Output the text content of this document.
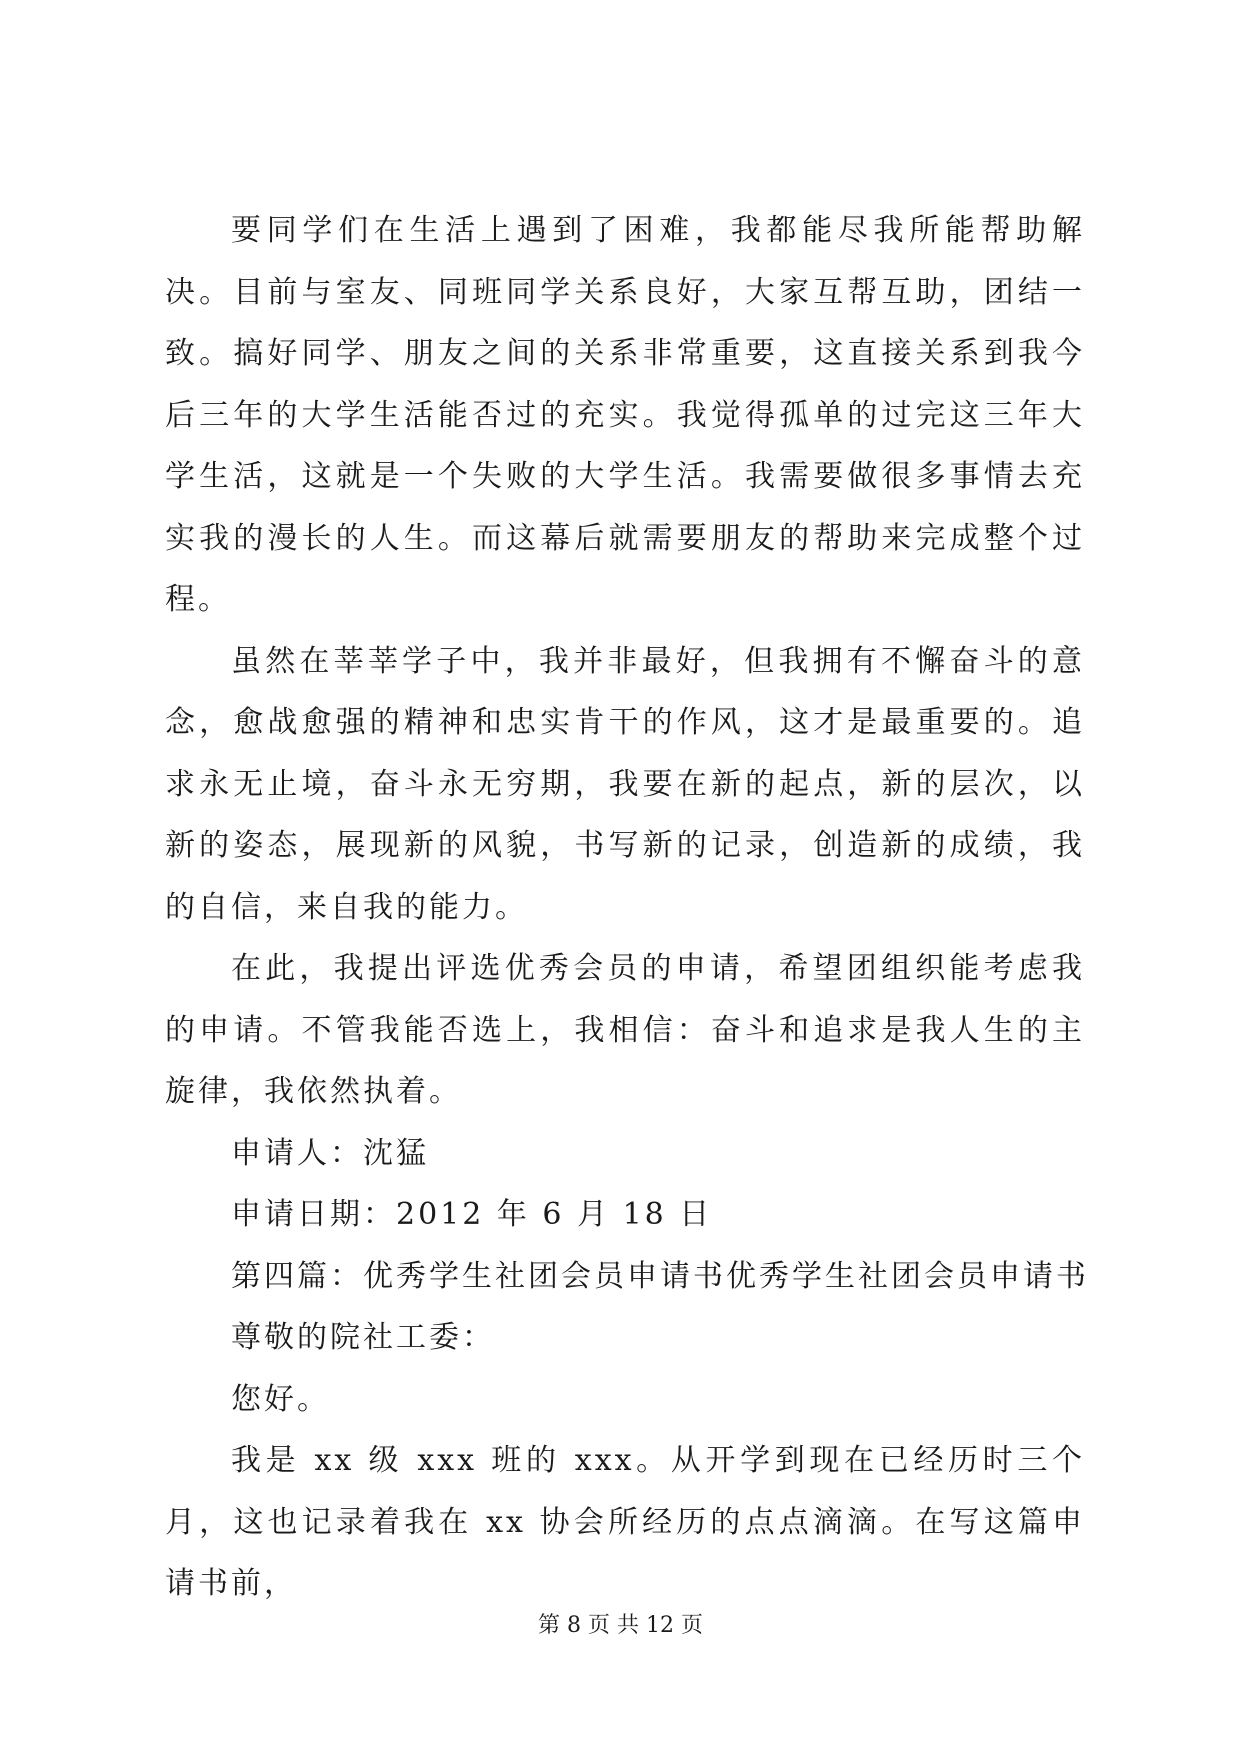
要同学们在生活上遇到了困难，我都能尽我所能帮助解决。目前与室友、同班同学关系良好，大家互帮互助，团结一致。搞好同学、朋友之间的关系非常重要，这直接关系到我今后三年的大学生活能否过的充实。我觉得孤单的过完这三年大学生活，这就是一个失败的大学生活。我需要做很多事情去充实我的漫长的人生。而这幕后就需要朋友的帮助来完成整个过程。

虽然在莘莘学子中，我并非最好，但我拥有不懈奋斗的意念，愈战愈强的精神和忠实肯干的作风，这才是最重要的。追求永无止境，奋斗永无穷期，我要在新的起点，新的层次，以新的姿态，展现新的风貌，书写新的记录，创造新的成绩，我的自信，来自我的能力。

在此，我提出评选优秀会员的申请，希望团组织能考虑我的申请。不管我能否选上，我相信：奋斗和追求是我人生的主旋律，我依然执着。

申请人：沈猛

申请日期：2012 年 6 月 18 日

第四篇：优秀学生社团会员申请书优秀学生社团会员申请书

尊敬的院社工委：

您好。

我是 xx 级 xxx 班的 xxx。从开学到现在已经历时三个月，这也记录着我在 xx 协会所经历的点点滴滴。在写这篇申请书前，

第 8 页 共 12 页
